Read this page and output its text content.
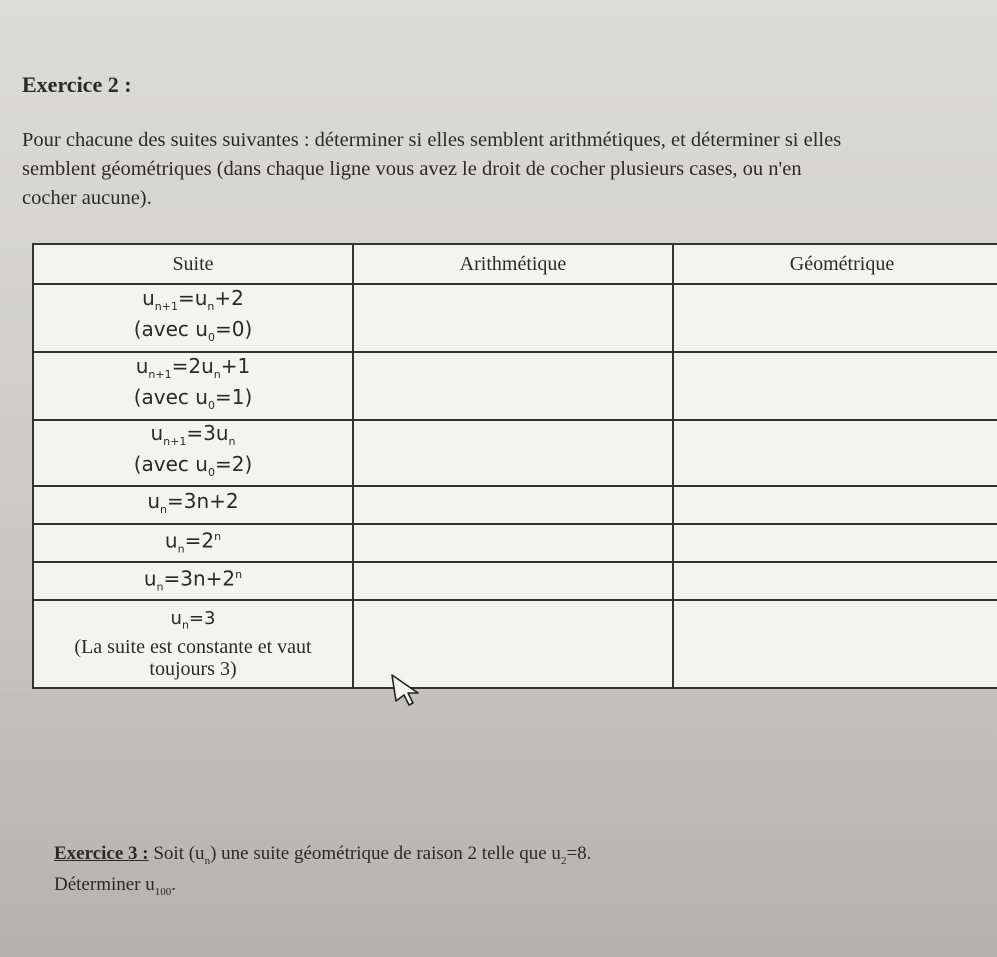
Exercice 2 :
Pour chacune des suites suivantes : déterminer si elles semblent arithmétiques, et déterminer si elles
semblent géométriques (dans chaque ligne vous avez le droit de cocher plusieurs cases, ou n'en
cocher aucune).
Suite	Arithmétique	Géométrique

$u_{n+1}=u_n+2$
(avec $u_0=0$)		

$u_{n+1}=2u_n+1$
(avec $u_0=1$)		

$u_{n+1}=3u_n$
(avec $u_0=2$)		

$u_n=3n+2$		
$u_n=2^n$		
$u_n=3n+2^n$		

$u_n=3$
(La suite est constante et vaut
toujours 3)		

Exercice 3 : Soit $(u_n)$ une suite géométrique de raison 2 telle que $u_2=8$.
Déterminer $u_{100}$.
